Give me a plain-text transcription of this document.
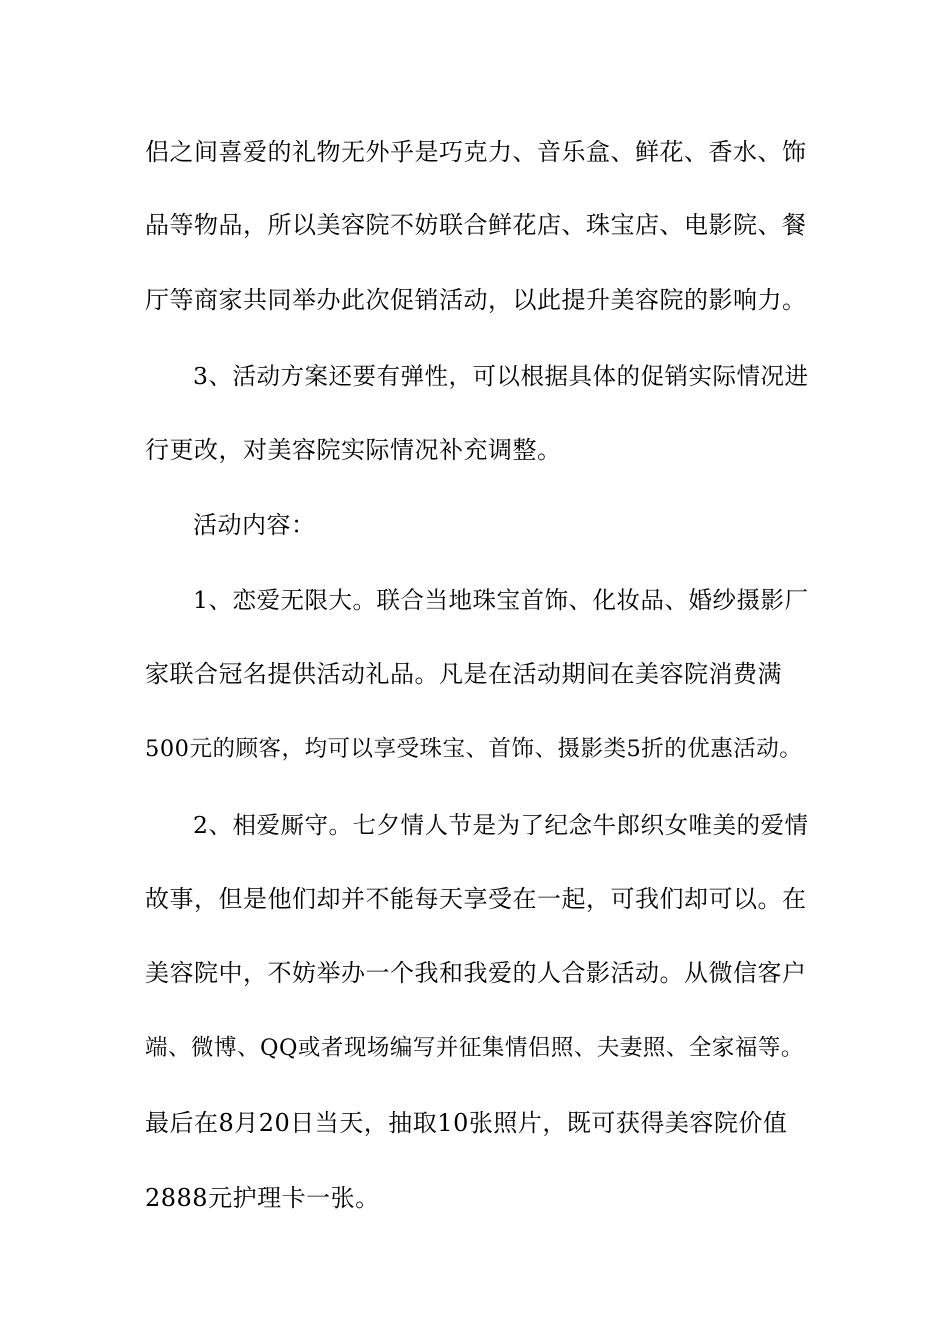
侣之间喜爱的礼物无外乎是巧克力、音乐盒、鲜花、香水、饰
品等物品，所以美容院不妨联合鲜花店、珠宝店、电影院、餐
厅等商家共同举办此次促销活动，以此提升美容院的影响力。
3、活动方案还要有弹性，可以根据具体的促销实际情况进
行更改，对美容院实际情况补充调整。
活动内容：
1、恋爱无限大。联合当地珠宝首饰、化妆品、婚纱摄影厂
家联合冠名提供活动礼品。凡是在活动期间在美容院消费满
500元的顾客，均可以享受珠宝、首饰、摄影类5折的优惠活动。
2、相爱厮守。七夕情人节是为了纪念牛郎织女唯美的爱情
故事，但是他们却并不能每天享受在一起，可我们却可以。在
美容院中，不妨举办一个我和我爱的人合影活动。从微信客户
端、微博、QQ或者现场编写并征集情侣照、夫妻照、全家福等。
最后在8月20日当天，抽取10张照片，既可获得美容院价值
2888元护理卡一张。
